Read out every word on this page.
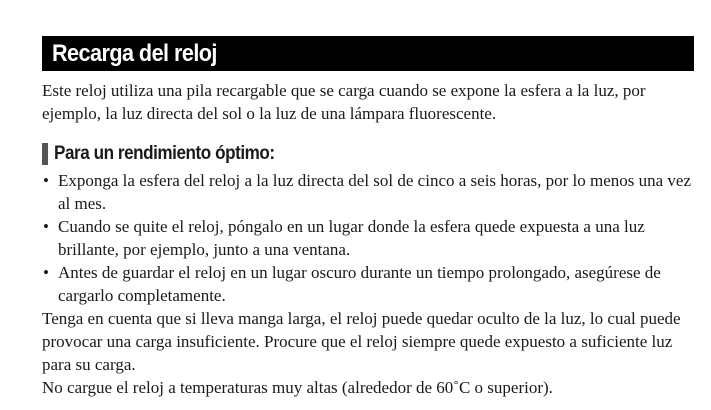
Recarga del reloj

Este reloj utiliza una pila recargable que se carga cuando se expone la esfera a la luz, por ejemplo, la luz directa del sol o la luz de una lámpara fluorescente.

Para un rendimiento óptimo:
• Exponga la esfera del reloj a la luz directa del sol de cinco a seis horas, por lo menos una vez al mes.
• Cuando se quite el reloj, póngalo en un lugar donde la esfera quede expuesta a una luz brillante, por ejemplo, junto a una ventana.
• Antes de guardar el reloj en un lugar oscuro durante un tiempo prolongado, asegúrese de cargarlo completamente.

Tenga en cuenta que si lleva manga larga, el reloj puede quedar oculto de la luz, lo cual puede provocar una carga insuficiente. Procure que el reloj siempre quede expuesto a suficiente luz para su carga.

No cargue el reloj a temperaturas muy altas (alrededor de 60˚C o superior).
